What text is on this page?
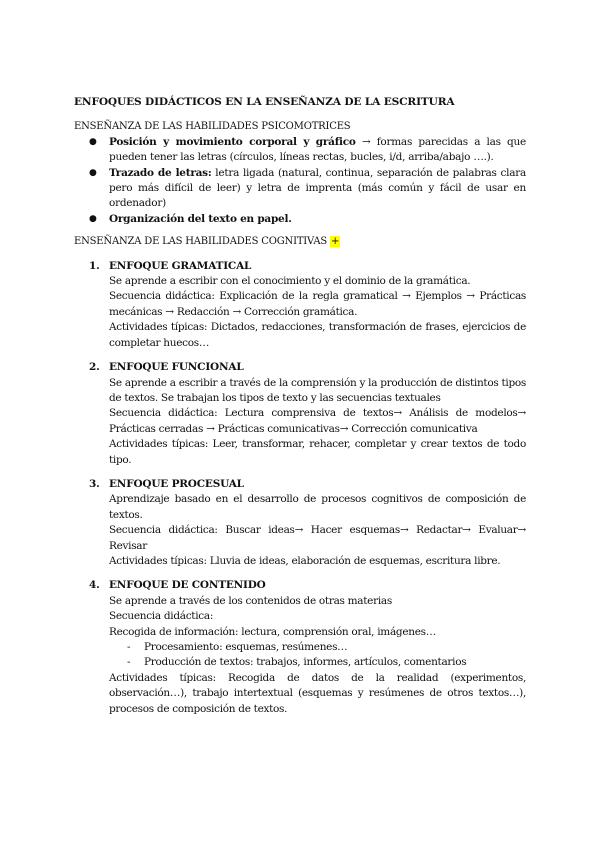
ENFOQUES DIDÁCTICOS EN LA ENSEÑANZA DE LA ESCRITURA

ENSEÑANZA DE LAS HABILIDADES PSICOMOTRICES

● Posición y movimiento corporal y gráfico → formas parecidas a las que pueden tener las letras (círculos, líneas rectas, bucles, i/d, arriba/abajo ….).
● Trazado de letras: letra ligada (natural, continua, separación de palabras clara pero más difícil de leer) y letra de imprenta (más común y fácil de usar en ordenador)
● Organización del texto en papel.

ENSEÑANZA DE LAS HABILIDADES COGNITIVAS +

1. ENFOQUE GRAMATICAL
Se aprende a escribir con el conocimiento y el dominio de la gramática.
Secuencia didáctica: Explicación de la regla gramatical → Ejemplos → Prácticas mecánicas → Redacción → Corrección gramática.
Actividades típicas: Dictados, redacciones, transformación de frases, ejercicios de completar huecos…
2. ENFOQUE FUNCIONAL
Se aprende a escribir a través de la comprensión y la producción de distintos tipos de textos. Se trabajan los tipos de texto y las secuencias textuales
Secuencia didáctica: Lectura comprensiva de textos→ Análisis de modelos→ Prácticas cerradas → Prácticas comunicativas→ Corrección comunicativa
Actividades típicas: Leer, transformar, rehacer, completar y crear textos de todo tipo.
3. ENFOQUE PROCESUAL
Aprendizaje basado en el desarrollo de procesos cognitivos de composición de textos.
Secuencia didáctica: Buscar ideas→ Hacer esquemas→ Redactar→ Evaluar→ Revisar
Actividades típicas: Lluvia de ideas, elaboración de esquemas, escritura libre.
4. ENFOQUE DE CONTENIDO
Se aprende a través de los contenidos de otras materias
Secuencia didáctica:
Recogida de información: lectura, comprensión oral, imágenes…
- Procesamiento: esquemas, resúmenes…
- Producción de textos: trabajos, informes, artículos, comentarios
Actividades típicas: Recogida de datos de la realidad (experimentos, observación…), trabajo intertextual (esquemas y resúmenes de otros textos…), procesos de composición de textos.
